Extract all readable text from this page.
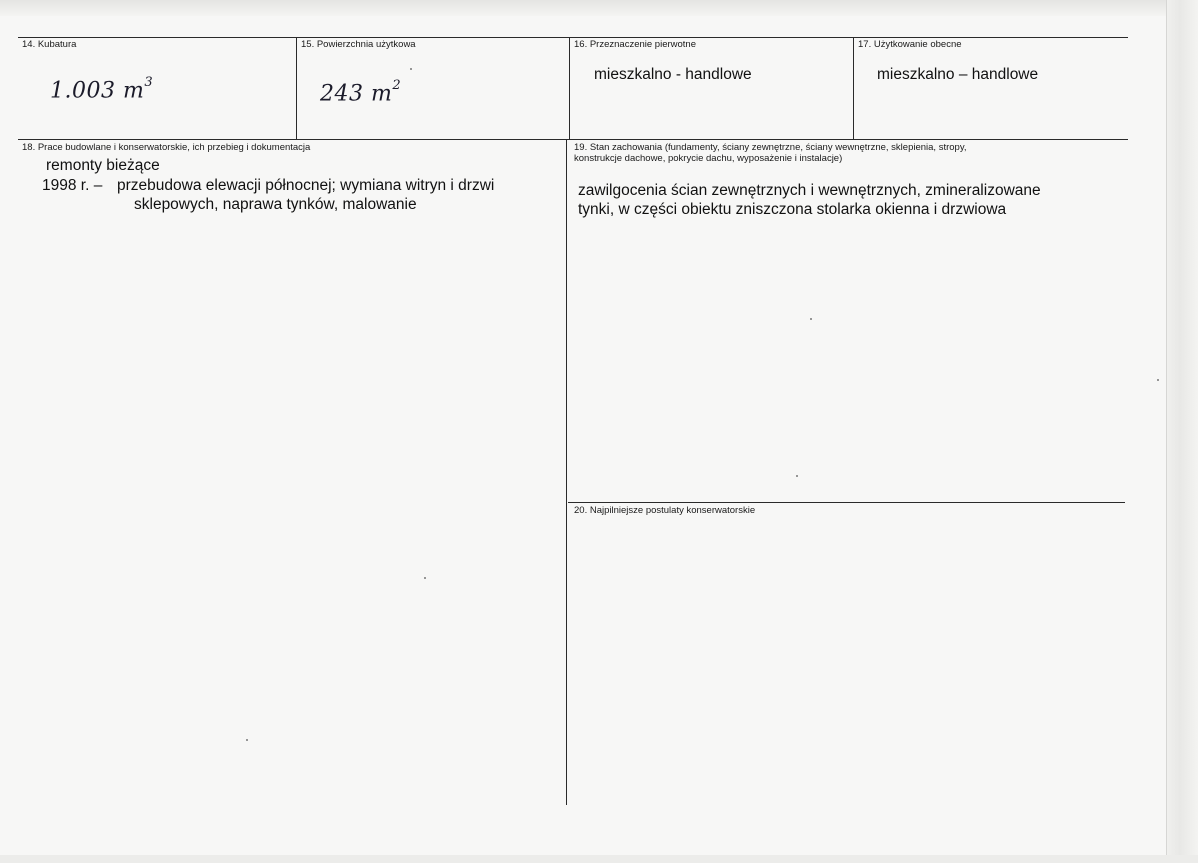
14. Kubatura
1.003 $m^3$
15. Powierzchnia użytkowa
243 $m^2$
16. Przeznaczenie pierwotne
mieszkalno - handlowe
17. Użytkowanie obecne
mieszkalno – handlowe
18. Prace budowlane i konserwatorskie, ich przebieg i dokumentacja
remonty bieżące
1998 r. – przebudowa elewacji północnej; wymiana witryn i drzwi
sklepowych, naprawa tynków, malowanie
19. Stan zachowania (fundamenty, ściany zewnętrzne, ściany wewnętrzne, sklepienia, stropy,
konstrukcje dachowe, pokrycie dachu, wyposażenie i instalacje)
zawilgocenia ścian zewnętrznych i wewnętrznych, zmineralizowane
tynki, w części obiektu zniszczona stolarka okienna i drzwiowa
20. Najpilniejsze postulaty konserwatorskie
